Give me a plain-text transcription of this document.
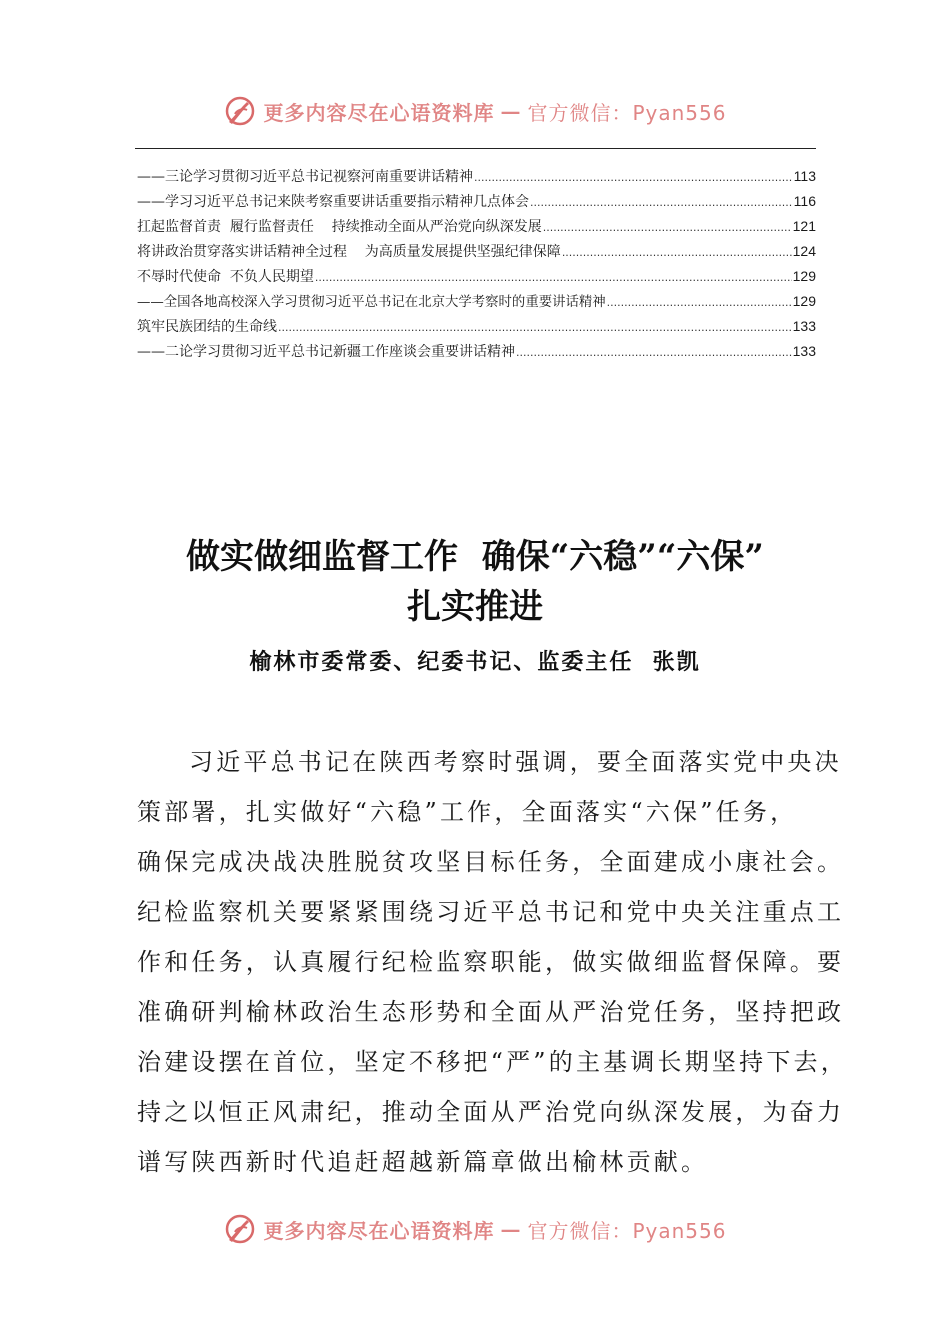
更多内容尽在心语资料库 — 官方微信：Pyan556
——三论学习贯彻习近平总书记视察河南重要讲话精神 .....	113
——学习习近平总书记来陕考察重要讲话重要指示精神几点体会 .....	116
扛起监督首责  履行监督责任    持续推动全面从严治党向纵深发展 .....	121
将讲政治贯穿落实讲话精神全过程    为高质量发展提供坚强纪律保障 .....	124
不辱时代使命  不负人民期望 .....	129
——全国各地高校深入学习贯彻习近平总书记在北京大学考察时的重要讲话精神 .....	129
筑牢民族团结的生命线 .....	133
——二论学习贯彻习近平总书记新疆工作座谈会重要讲话精神 .....	133
做实做细监督工作  确保“六稳”“六保”
扎实推进
榆林市委常委、纪委书记、监委主任  张凯
习近平总书记在陕西考察时强调，要全面落实党中央决
策部署，扎实做好“六稳”工作，全面落实“六保”任务，
确保完成决战决胜脱贫攻坚目标任务，全面建成小康社会。
纪检监察机关要紧紧围绕习近平总书记和党中央关注重点工
作和任务，认真履行纪检监察职能，做实做细监督保障。要
准确研判榆林政治生态形势和全面从严治党任务，坚持把政
治建设摆在首位，坚定不移把“严”的主基调长期坚持下去，
持之以恒正风肃纪，推动全面从严治党向纵深发展，为奋力
谱写陕西新时代追赶超越新篇章做出榆林贡献。
更多内容尽在心语资料库 — 官方微信：Pyan556
